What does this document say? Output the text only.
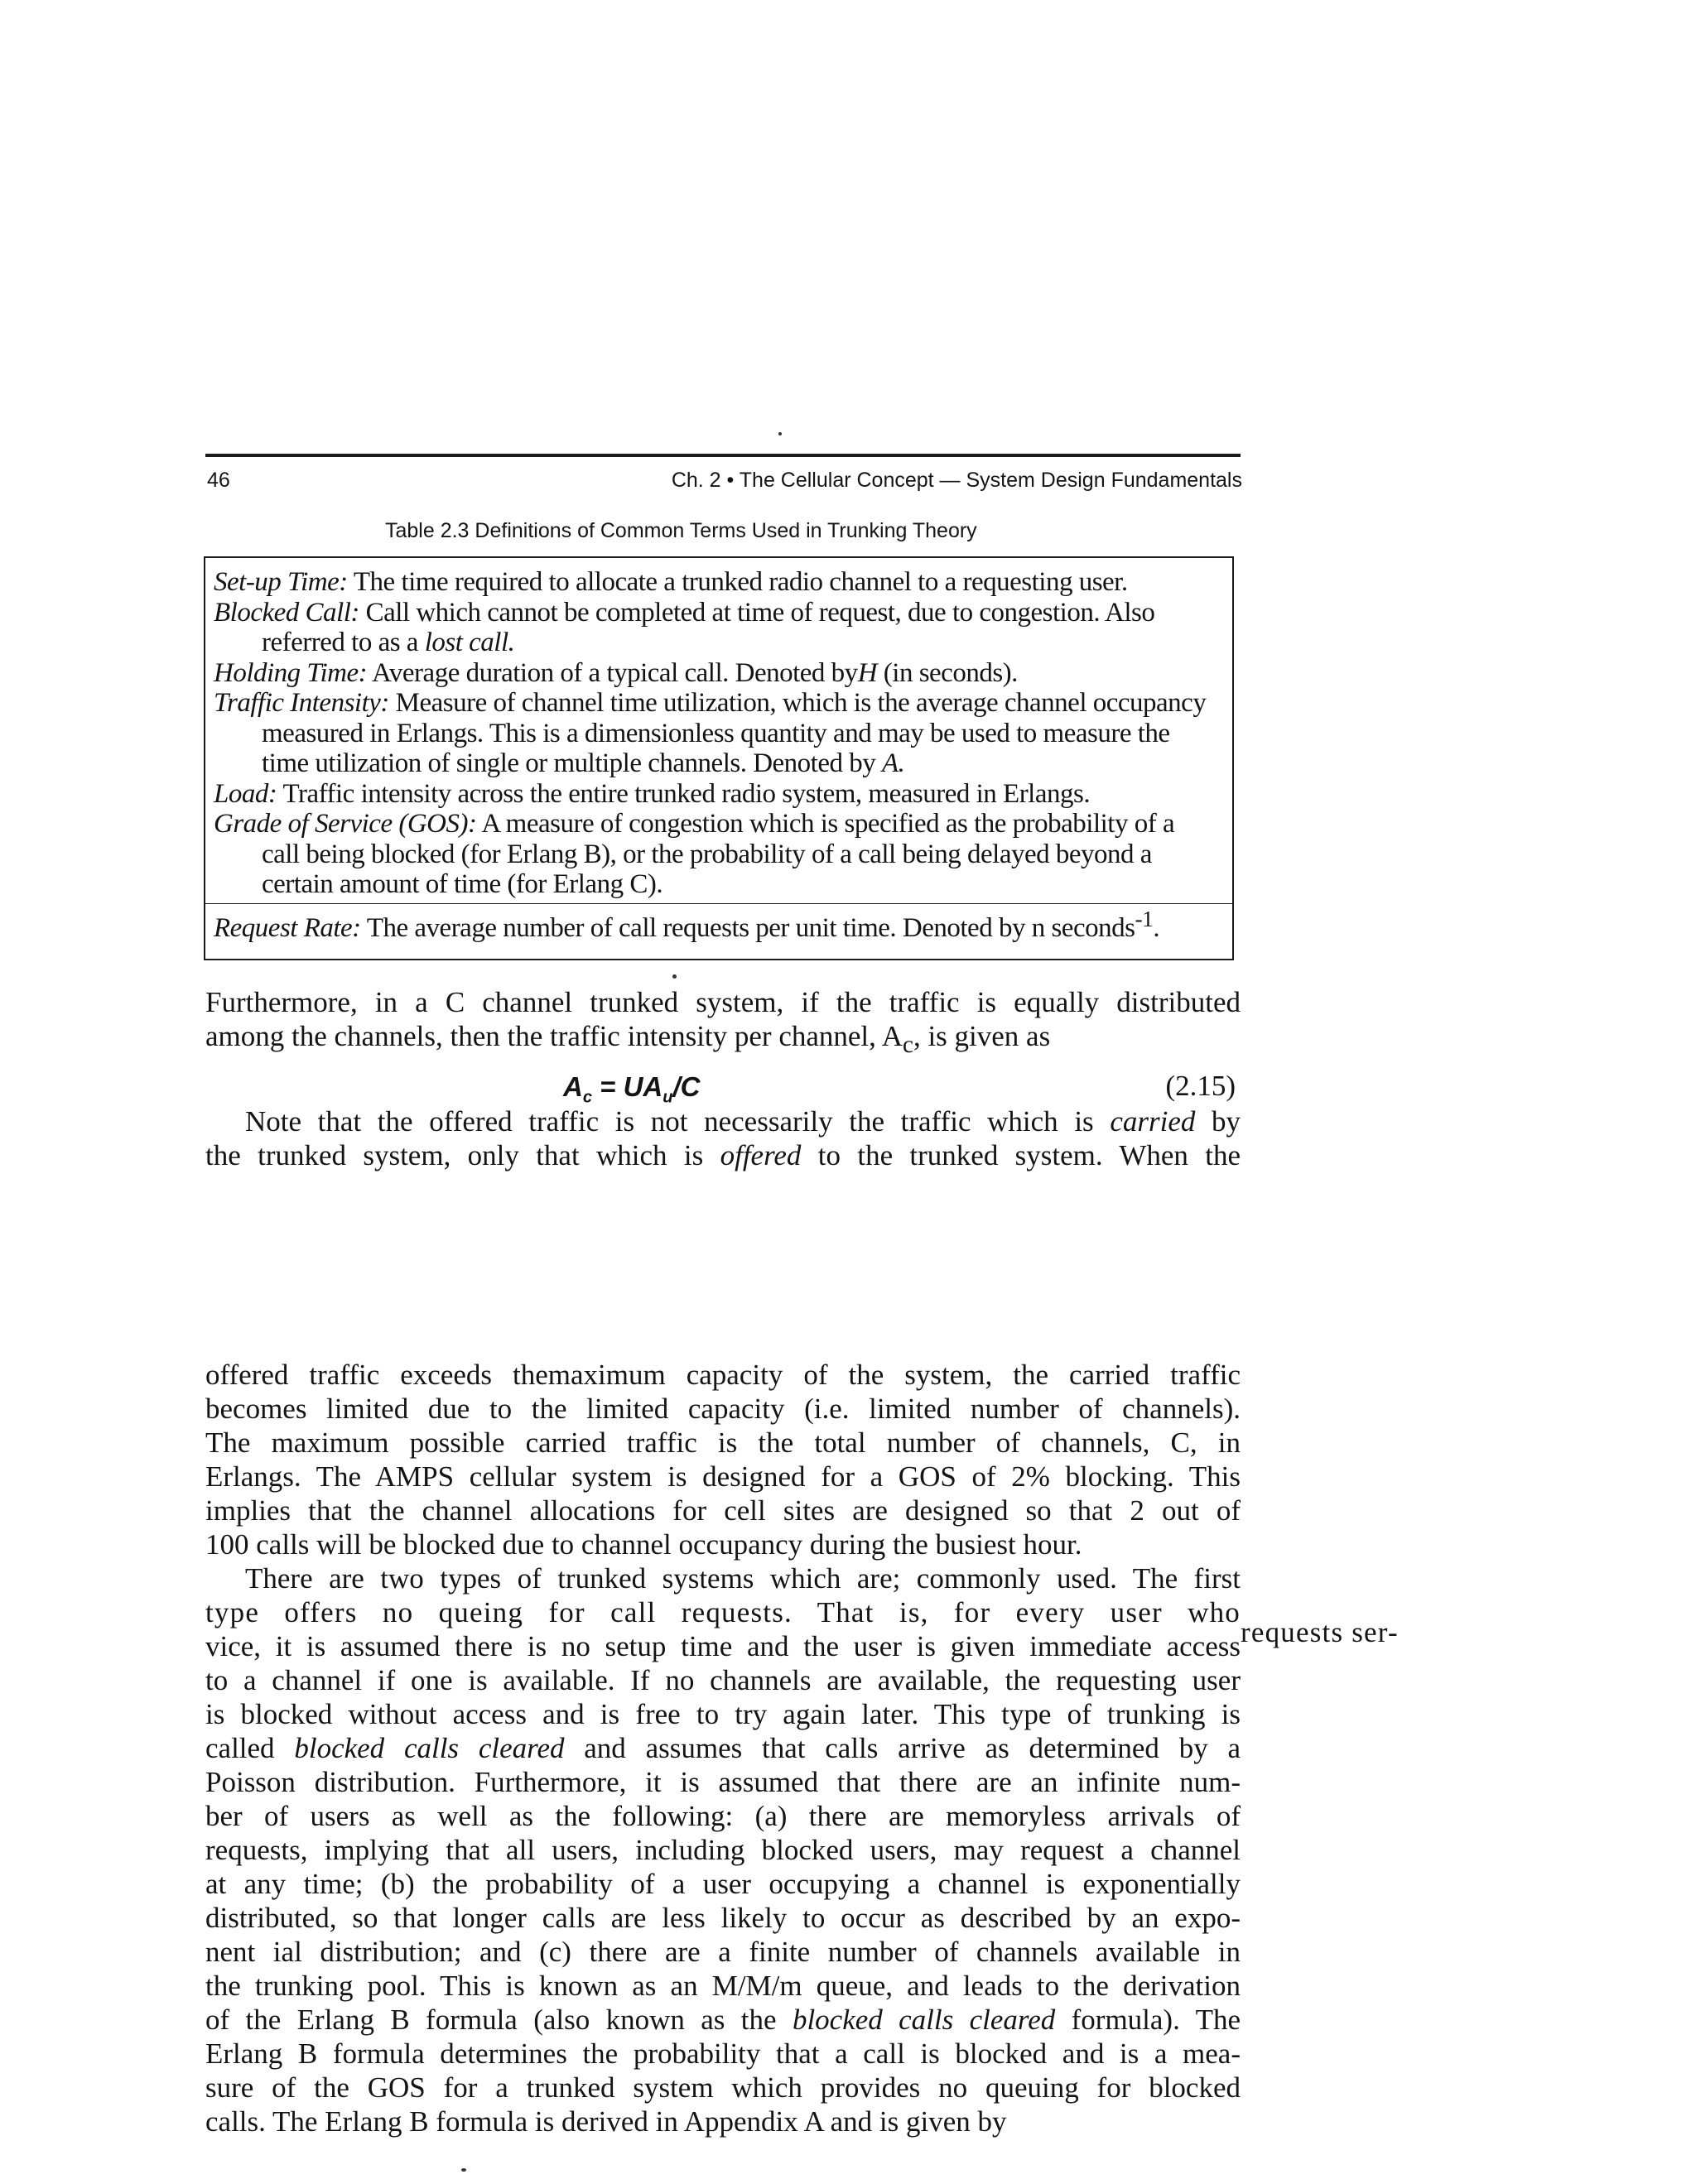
46	Ch. 2 • The Cellular Concept — System Design Fundamentals
Table 2.3 Definitions of Common Terms Used in Trunking Theory

Set-up Time: The time required to allocate a trunked radio channel to a requesting user.

Blocked Call: Call which cannot be completed at time of request, due to congestion. Also referred to as a lost call.

Holding Time: Average duration of a typical call. Denoted byH (in seconds).

Traffic Intensity: Measure of channel time utilization, which is the average channel occupancy measured in Erlangs. This is a dimensionless quantity and may be used to measure the time utilization of single or multiple channels. Denoted by A.

Load: Traffic intensity across the entire trunked radio system, measured in Erlangs.

Grade of Service (GOS): A measure of congestion which is specified as the probability of a call being blocked (for Erlang B), or the probability of a call being delayed beyond a certain amount of time (for Erlang C).

Request Rate: The average number of call requests per unit time. Denoted by n seconds$^{-1}$.

Furthermore, in a C channel trunked system, if the traffic is equally distributed
among the channels, then the traffic intensity per channel, $A_c$, is given as
$A_c = UA_u/C$	(2.15)
Note that the offered traffic is not necessarily the traffic which is carried by
the trunked system, only that which is offered to the trunked system. When the
offered traffic exceeds themaximum capacity of the system, the carried traffic
becomes limited due to the limited capacity (i.e. limited number of channels).
The maximum possible carried traffic is the total number of channels, C, in
Erlangs. The AMPS cellular system is designed for a GOS of 2% blocking. This
implies that the channel allocations for cell sites are designed so that 2 out of
100 calls will be blocked due to channel occupancy during the busiest hour.
There are two types of trunked systems which are; commonly used. The first
type offers no queing for call requests. That is, for every user who
vice, it is assumed there is no setup time and the user is given immediate access
to a channel if one is available. If no channels are available, the requesting user
is blocked without access and is free to try again later. This type of trunking is
called blocked calls cleared and assumes that calls arrive as determined by a
Poisson distribution. Furthermore, it is assumed that there are an infinite num-
ber of users as well as the following: (a) there are memoryless arrivals of
requests, implying that all users, including blocked users, may request a channel
at any time; (b) the probability of a user occupying a channel is exponentially
distributed, so that longer calls are less likely to occur as described by an expo-
nent ial distribution; and (c) there are a finite number of channels available in
the trunking pool. This is known as an M/M/m queue, and leads to the derivation
of the Erlang B formula (also known as the blocked calls cleared formula). The
Erlang B formula determines the probability that a call is blocked and is a mea-
sure of the GOS for a trunked system which provides no queuing for blocked
calls. The Erlang B formula is derived in Appendix A and is given by
requests ser-
